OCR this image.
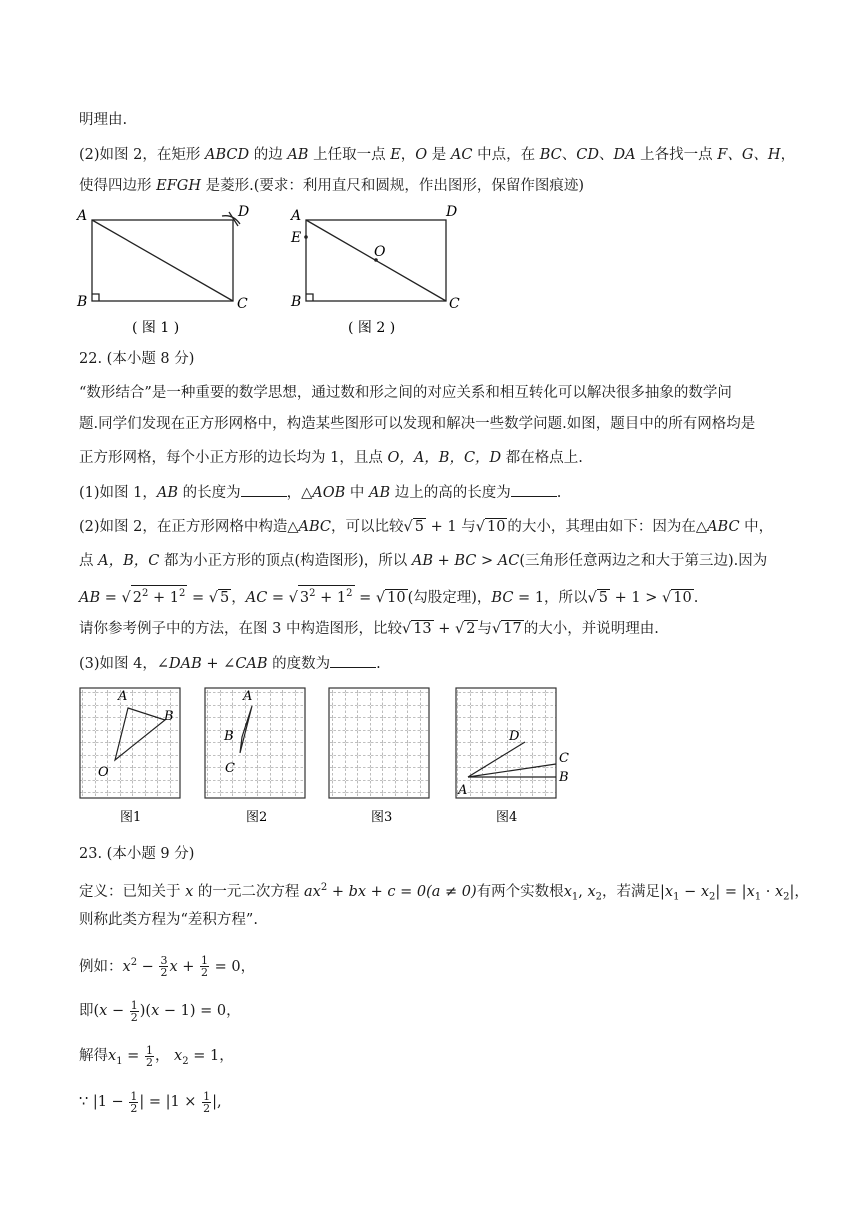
明理由.
(2)如图 2，在矩形 ABCD 的边 AB 上任取一点 E，O 是 AC 中点，在 BC、CD、DA 上各找一点 F、G、H，
使得四边形 EFGH 是菱形.(要求：利用直尺和圆规，作出图形，保留作图痕迹)
A	D
B	C
( 图 1 )
A
E
O
D
B	C
( 图 2 )
22. (本小题 8 分)
“数形结合”是一种重要的数学思想，通过数和形之间的对应关系和相互转化可以解决很多抽象的数学问
题.同学们发现在正方形网格中，构造某些图形可以发现和解决一些数学问题.如图，题目中的所有网格均是
正方形网格，每个小正方形的边长均为 1，且点 O，A，B，C，D 都在格点上.
(1)如图 1，AB 的长度为	，△AOB 中 AB 边上的高的长度为	.
(2)如图 2，在正方形网格中构造△ABC，可以比较√ 5 + 1 与√ 10 的大小，其理由如下：因为在△ABC 中，
点 A，B，C 都为小正方形的顶点(构造图形)，所以 AB + BC > AC(三角形任意两边之和大于第三边).因为
AB = √ $2^2 + 1^2$ = √ 5 ，AC = √ $3^2 + 1^2$ = √ 10 (勾股定理)，BC = 1，所以√ 5 + 1 > √ 10 .
请你参考例子中的方法，在图 3 中构造图形，比较√ 13 + √ 2 与√ 17 的大小，并说明理由.
(3)如图 4，∠DAB + ∠CAB 的度数为	.
A
B
O
图1
A
B
C
图2	图3
D
C
B
A
图4
23. (本小题 9 分)
定义：已知关于 x 的一元二次方程 $ax^2$ + bx + c = 0(a ≠ 0)有两个实数根$x_1$, $x_2$，若满足$|x_1 - x_2| = |x_1 \cdot x_2|$，
则称此类方程为“差积方程”.
例如：$x^2 - \frac{3}{2}$ $x + \frac{1}{2} = 0$，
即$(x - \frac{1}{2} )(x - 1) = 0$，
解得$x_1 = \frac{1}{2}$ ， $x_2 = 1$，
∵ $|1 - \frac{1}{2}$ | = $|1 \times \frac{1}{2}$ |,
